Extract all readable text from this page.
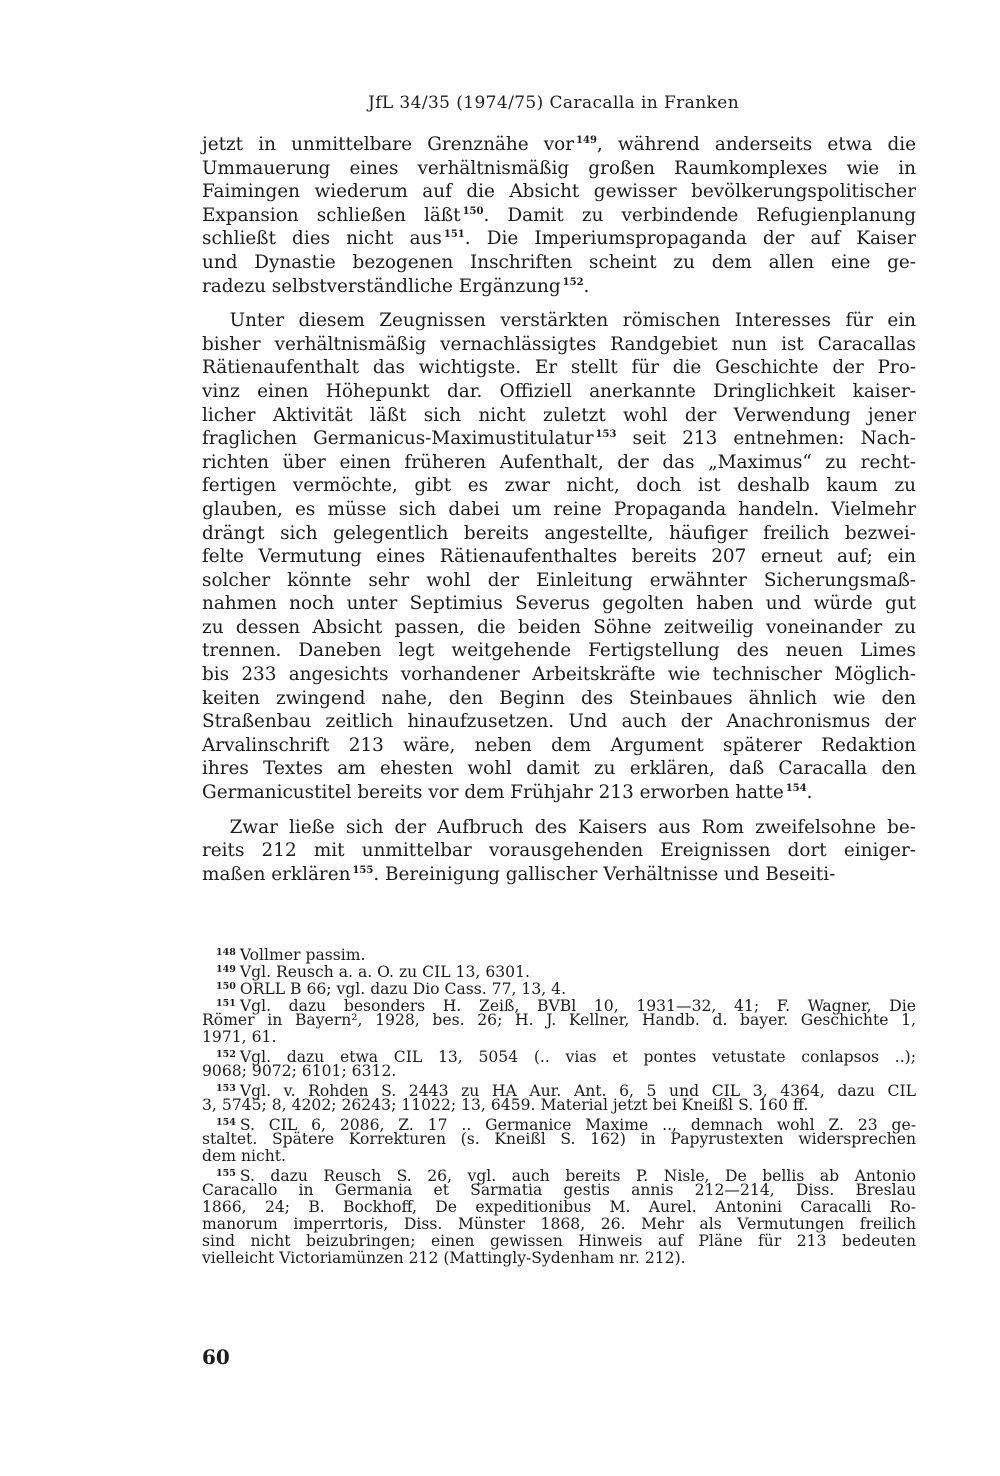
JfL 34/35 (1974/75) Caracalla in Franken
jetzt in unmittelbare Grenznähe vor $^{149}$, während anderseits etwa die
Ummauerung eines verhältnismäßig großen Raumkomplexes wie in
Faimingen wiederum auf die Absicht gewisser bevölkerungspolitischer
Expansion schließen läßt $^{150}$. Damit zu verbindende Refugienplanung
schließt dies nicht aus $^{151}$. Die Imperiumspropaganda der auf Kaiser
und Dynastie bezogenen Inschriften scheint zu dem allen eine ge-
radezu selbstverständliche Ergänzung $^{152}$.
  Unter diesem Zeugnissen verstärkten römischen Interesses für ein
bisher verhältnismäßig vernachlässigtes Randgebiet nun ist Caracallas
Rätienaufenthalt das wichtigste. Er stellt für die Geschichte der Pro-
vinz einen Höhepunkt dar. Offiziell anerkannte Dringlichkeit kaiser-
licher Aktivität läßt sich nicht zuletzt wohl der Verwendung jener
fraglichen Germanicus-Maximustitulatur $^{153}$ seit 213 entnehmen: Nach-
richten über einen früheren Aufenthalt, der das „Maximus“ zu recht-
fertigen vermöchte, gibt es zwar nicht, doch ist deshalb kaum zu
glauben, es müsse sich dabei um reine Propaganda handeln. Vielmehr
drängt sich gelegentlich bereits angestellte, häufiger freilich bezwei-
felte Vermutung eines Rätienaufenthaltes bereits 207 erneut auf; ein
solcher könnte sehr wohl der Einleitung erwähnter Sicherungsmaß-
nahmen noch unter Septimius Severus gegolten haben und würde gut
zu dessen Absicht passen, die beiden Söhne zeitweilig voneinander zu
trennen. Daneben legt weitgehende Fertigstellung des neuen Limes
bis 233 angesichts vorhandener Arbeitskräfte wie technischer Möglich-
keiten zwingend nahe, den Beginn des Steinbaues ähnlich wie den
Straßenbau zeitlich hinaufzusetzen. Und auch der Anachronismus der
Arvalinschrift 213 wäre, neben dem Argument späterer Redaktion
ihres Textes am ehesten wohl damit zu erklären, daß Caracalla den
Germanicustitel bereits vor dem Frühjahr 213 erworben hatte $^{154}$.
  Zwar ließe sich der Aufbruch des Kaisers aus Rom zweifelsohne be-
reits 212 mit unmittelbar vorausgehenden Ereignissen dort einiger-
maßen erklären $^{155}$. Bereinigung gallischer Verhältnisse und Beseiti-
$^{148}$ Vollmer passim.
$^{149}$ Vgl. Reusch a. a. O. zu CIL 13, 6301.
$^{150}$ ORLL B 66; vgl. dazu Dio Cass. 77, 13, 4.
$^{151}$ Vgl. dazu besonders H. Zeiß, BVBl 10, 1931—32, 41; F. Wagner, Die
Römer in Bayern², 1928, bes. 26; H. J. Kellner, Handb. d. bayer. Geschichte 1,
1971, 61.
$^{152}$ Vgl. dazu etwa CIL 13, 5054 (.. vias et pontes vetustate conlapsos ..);
9068; 9072; 6101; 6312.
$^{153}$ Vgl. v. Rohden S. 2443 zu HA Aur. Ant. 6, 5 und CIL 3, 4364, dazu CIL
3, 5745; 8, 4202; 26243; 11022; 13, 6459. Material jetzt bei Kneißl S. 160 ff.
$^{154}$ S. CIL 6, 2086, Z. 17 .. Germanice Maxime .., demnach wohl Z. 23 ge-
staltet. Spätere Korrekturen (s. Kneißl S. 162) in Papyrustexten widersprechen
dem nicht.
$^{155}$ S. dazu Reusch S. 26, vgl. auch bereits P. Nisle, De bellis ab Antonio
Caracallo in Germania et Sarmatia gestis annis 212—214, Diss. Breslau
1866, 24; B. Bockhoff, De expeditionibus M. Aurel. Antonini Caracalli Ro-
manorum imperrtoris, Diss. Münster 1868, 26. Mehr als Vermutungen freilich
sind nicht beizubringen; einen gewissen Hinweis auf Pläne für 213 bedeuten
vielleicht Victoriamünzen 212 (Mattingly-Sydenham nr. 212).
60
